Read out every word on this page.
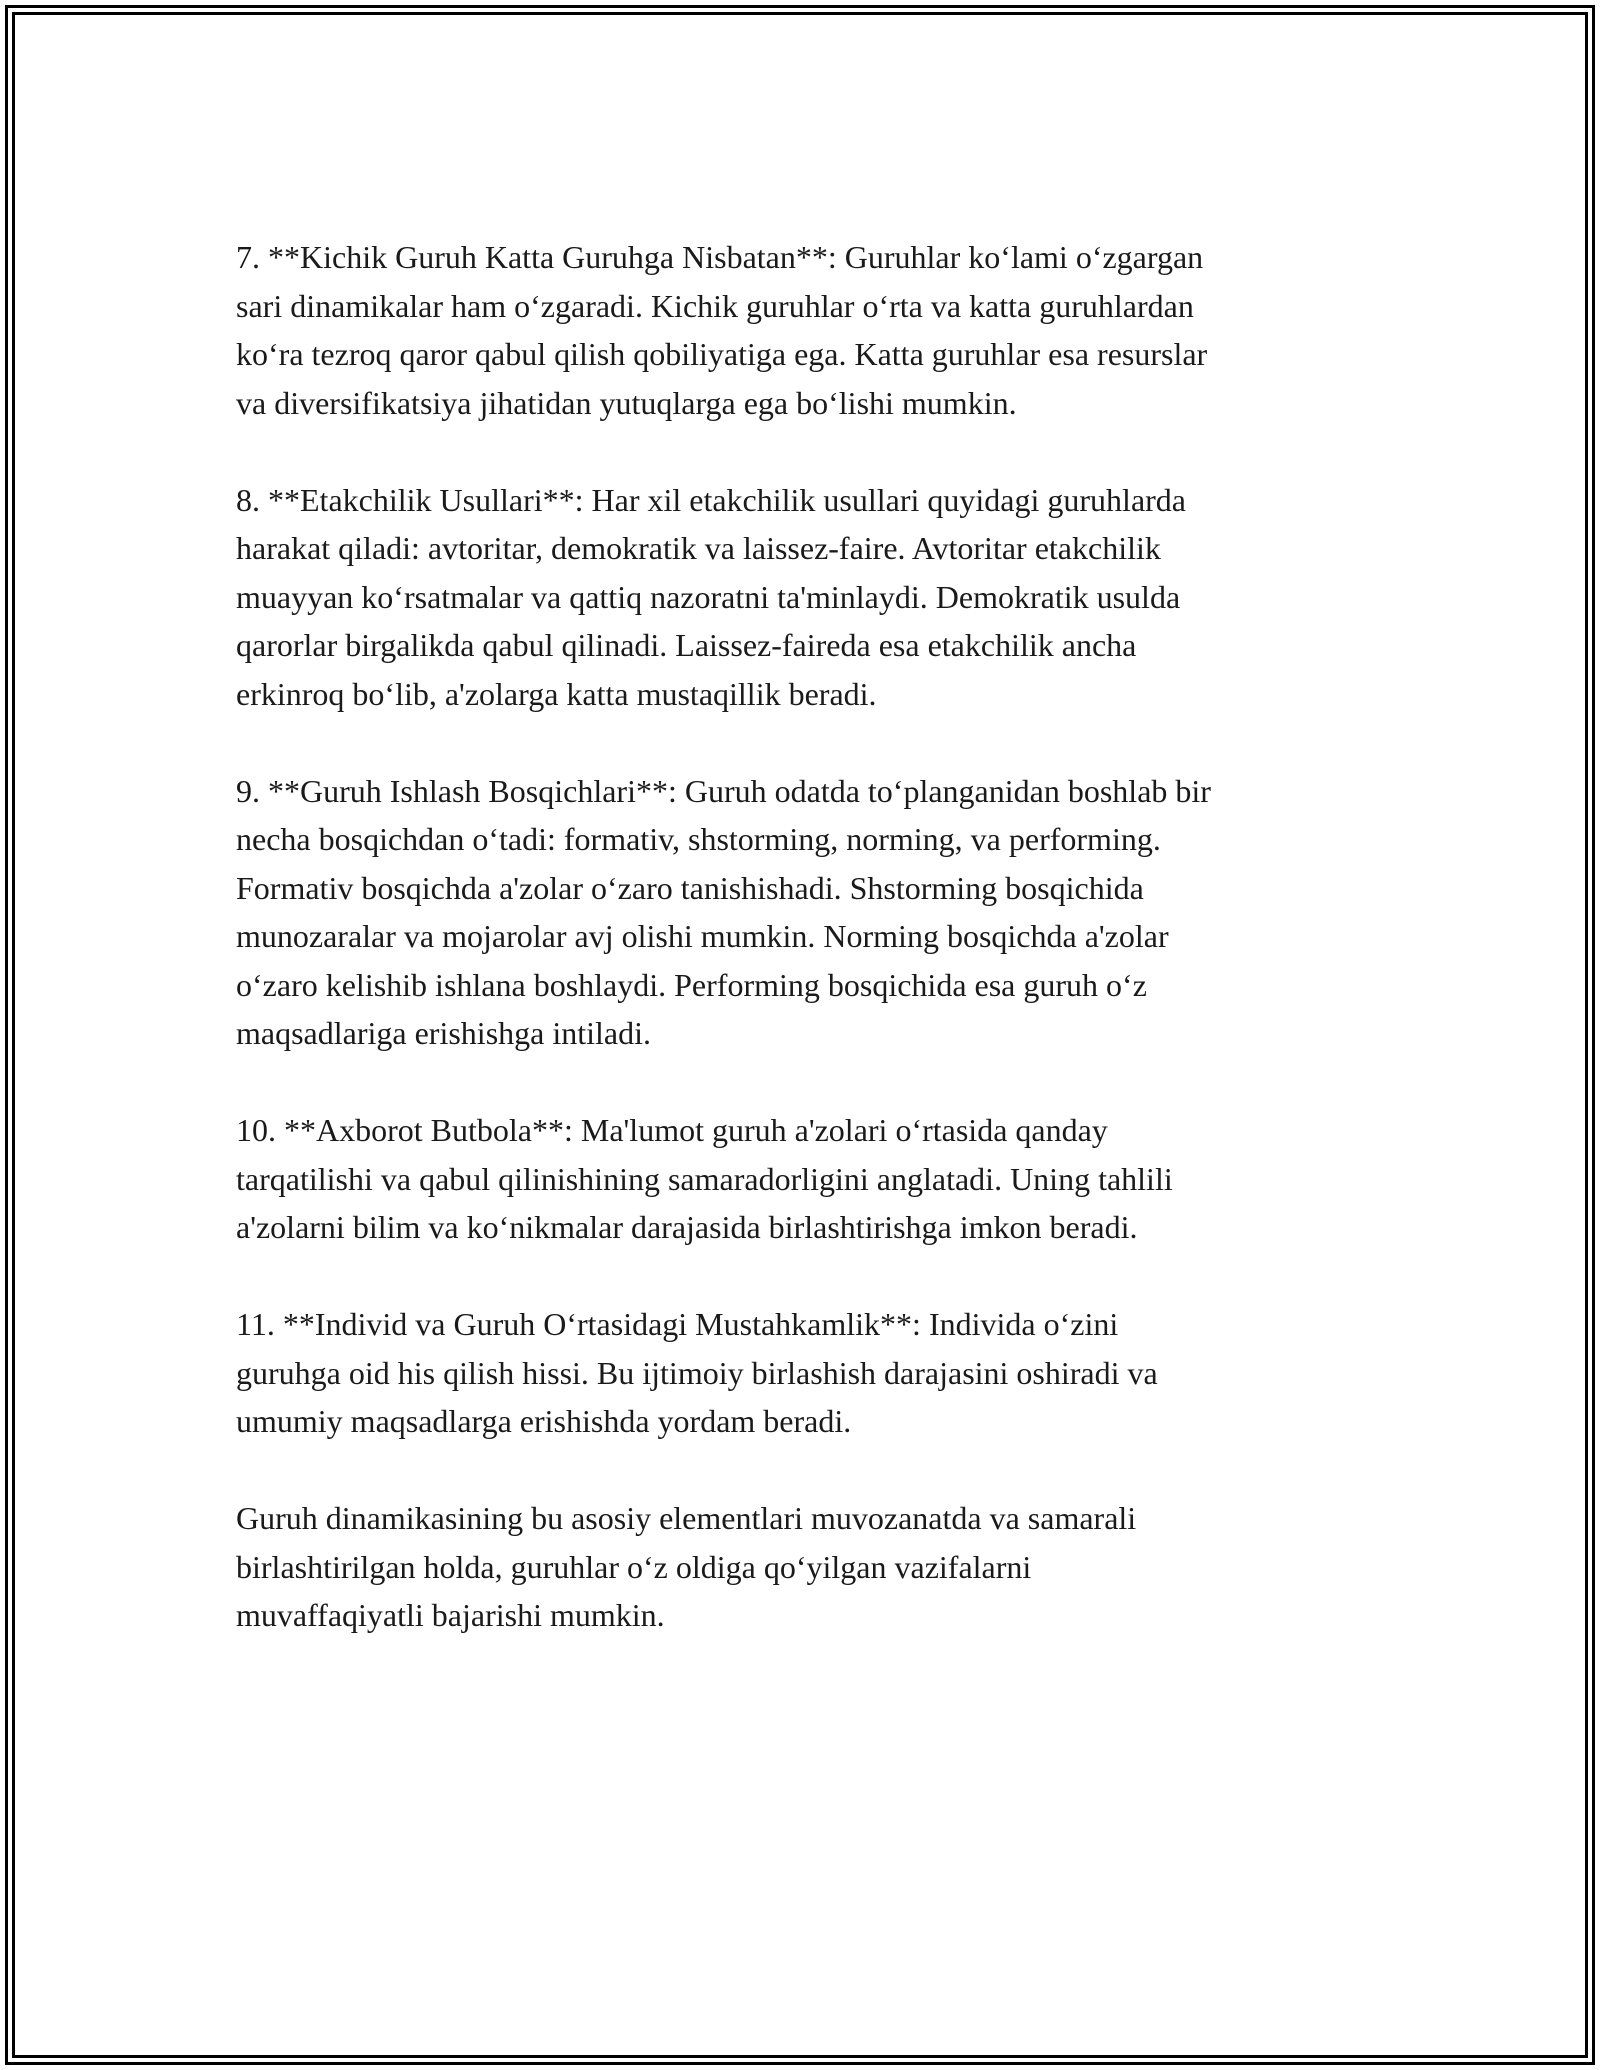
7. **Kichik Guruh Katta Guruhga Nisbatan**: Guruhlar ko‘lami o‘zgargan
sari dinamikalar ham o‘zgaradi. Kichik guruhlar o‘rta va katta guruhlardan
ko‘ra tezroq qaror qabul qilish qobiliyatiga ega. Katta guruhlar esa resurslar
va diversifikatsiya jihatidan yutuqlarga ega bo‘lishi mumkin.

8. **Etakchilik Usullari**: Har xil etakchilik usullari quyidagi guruhlarda
harakat qiladi: avtoritar, demokratik va laissez-faire. Avtoritar etakchilik
muayyan ko‘rsatmalar va qattiq nazoratni ta'minlaydi. Demokratik usulda
qarorlar birgalikda qabul qilinadi. Laissez-faireda esa etakchilik ancha
erkinroq bo‘lib, a'zolarga katta mustaqillik beradi.

9. **Guruh Ishlash Bosqichlari**: Guruh odatda to‘planganidan boshlab bir
necha bosqichdan o‘tadi: formativ, shstorming, norming, va performing.
Formativ bosqichda a'zolar o‘zaro tanishishadi. Shstorming bosqichida
munozaralar va mojarolar avj olishi mumkin. Norming bosqichda a'zolar
o‘zaro kelishib ishlana boshlaydi. Performing bosqichida esa guruh o‘z
maqsadlariga erishishga intiladi.

10. **Axborot Butbola**: Ma'lumot guruh a'zolari o‘rtasida qanday
tarqatilishi va qabul qilinishining samaradorligini anglatadi. Uning tahlili
a'zolarni bilim va ko‘nikmalar darajasida birlashtirishga imkon beradi.

11. **Individ va Guruh O‘rtasidagi Mustahkamlik**: Individa o‘zini
guruhga oid his qilish hissi. Bu ijtimoiy birlashish darajasini oshiradi va
umumiy maqsadlarga erishishda yordam beradi.

Guruh dinamikasining bu asosiy elementlari muvozanatda va samarali
birlashtirilgan holda, guruhlar o‘z oldiga qo‘yilgan vazifalarni
muvaffaqiyatli bajarishi mumkin.
